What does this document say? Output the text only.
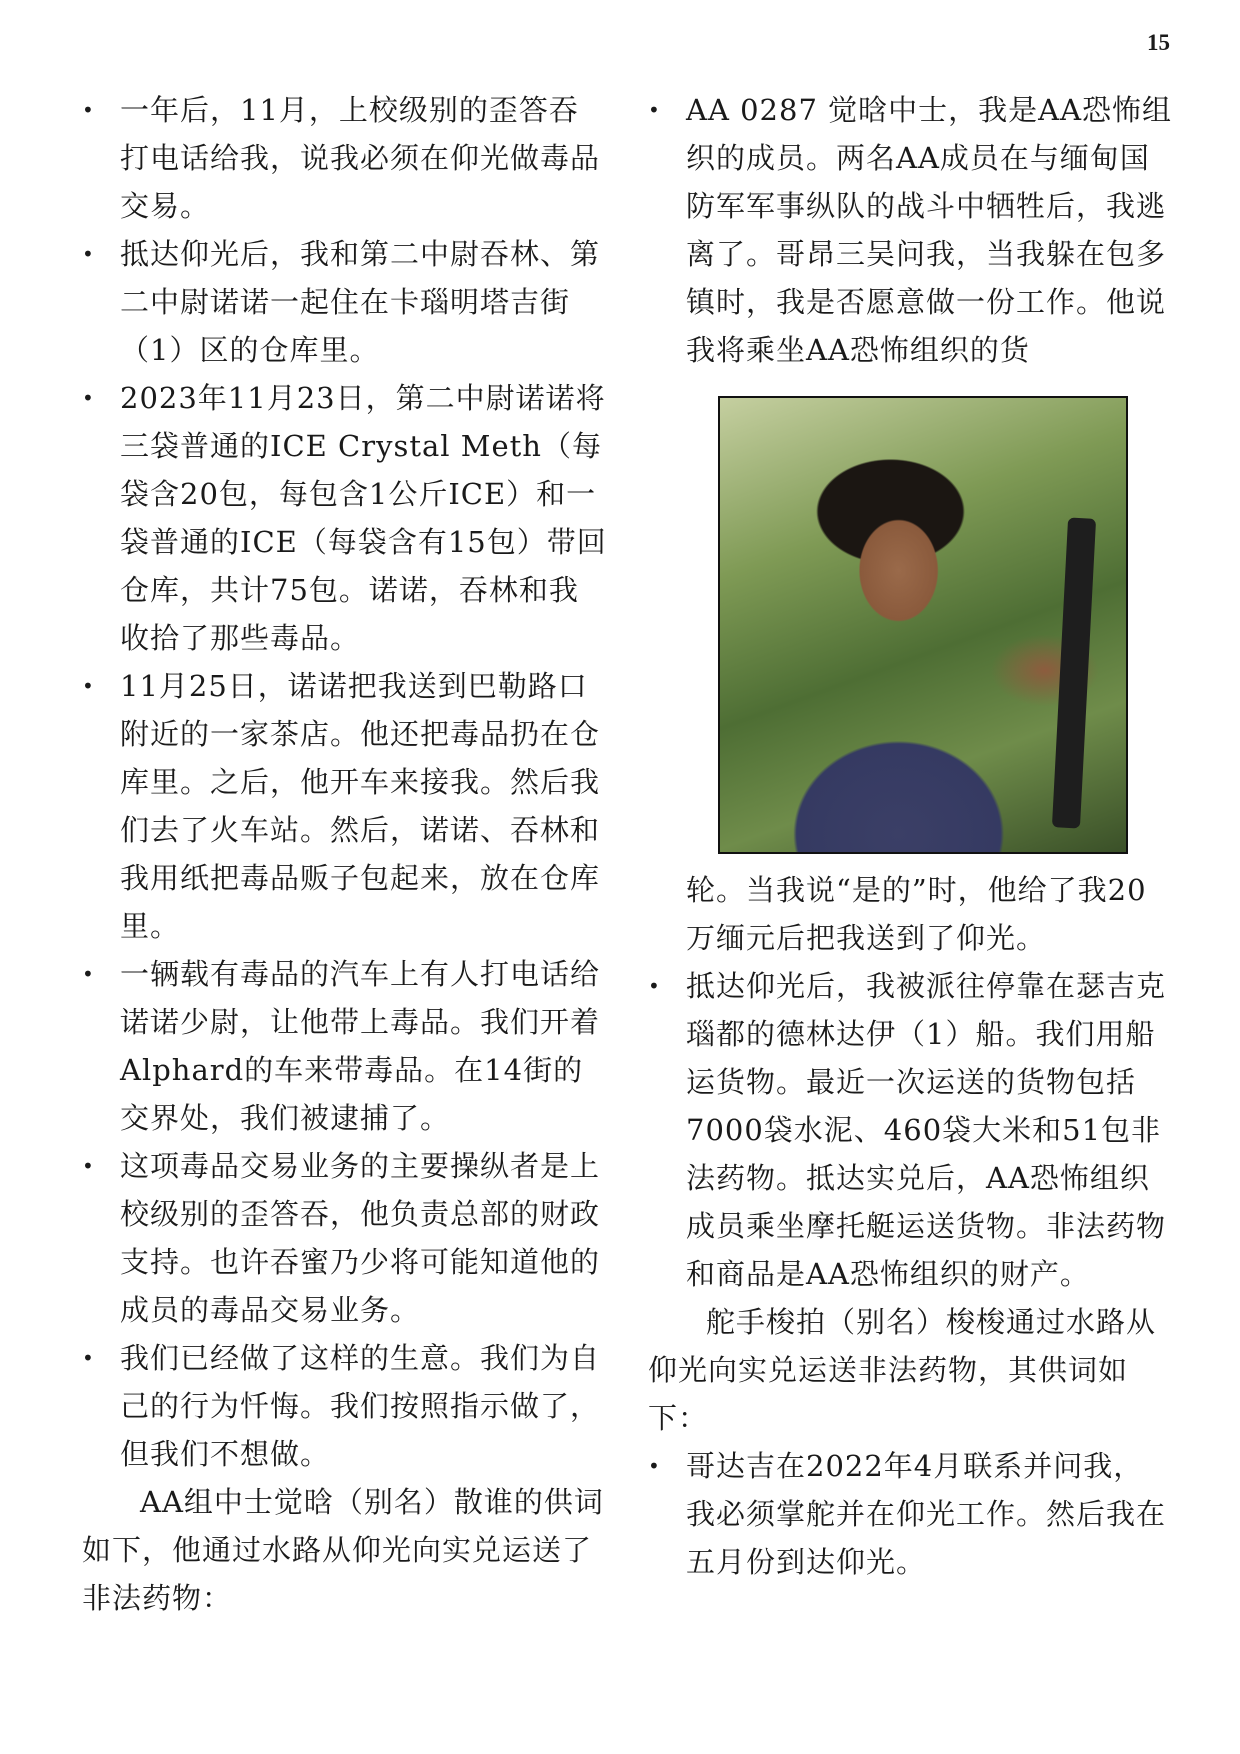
15
• 一年后，11月，上校级别的歪答吞打电话给我，说我必须在仰光做毒品交易。
• 抵达仰光后，我和第二中尉吞林、第二中尉诺诺一起住在卡瑙明塔吉街（1）区的仓库里。
• 2023年11月23日，第二中尉诺诺将三袋普通的ICE Crystal Meth（每袋含20包，每包含1公斤ICE）和一袋普通的ICE（每袋含有15包）带回仓库，共计75包。诺诺，吞林和我收拾了那些毒品。
• 11月25日，诺诺把我送到巴勒路口附近的一家茶店。他还把毒品扔在仓库里。之后，他开车来接我。然后我们去了火车站。然后，诺诺、吞林和我用纸把毒品贩子包起来，放在仓库里。
• 一辆载有毒品的汽车上有人打电话给诺诺少尉，让他带上毒品。我们开着Alphard的车来带毒品。在14街的交界处，我们被逮捕了。
• 这项毒品交易业务的主要操纵者是上校级别的歪答吞，他负责总部的财政支持。也许吞蜜乃少将可能知道他的成员的毒品交易业务。
• 我们已经做了这样的生意。我们为自己的行为忏悔。我们按照指示做了，但我们不想做。

AA组中士觉晗（别名）散谁的供词如下，他通过水路从仰光向实兑运送了非法药物：

• AA 0287 觉晗中士，我是AA恐怖组织的成员。两名AA成员在与缅甸国防军军事纵队的战斗中牺牲后，我逃离了。哥昂三吴问我，当我躲在包多镇时，我是否愿意做一份工作。他说我将乘坐AA恐怖组织的货

轮。当我说“是的”时，他给了我20万缅元后把我送到了仰光。

• 抵达仰光后，我被派往停靠在瑟吉克瑙都的德林达伊（1）船。我们用船运货物。最近一次运送的货物包括7000袋水泥、460袋大米和51包非法药物。抵达实兑后，AA恐怖组织成员乘坐摩托艇运送货物。非法药物和商品是AA恐怖组织的财产。

舵手梭拍（别名）梭梭通过水路从仰光向实兑运送非法药物，其供词如下：

• 哥达吉在2022年4月联系并问我，我必须掌舵并在仰光工作。然后我在五月份到达仰光。
